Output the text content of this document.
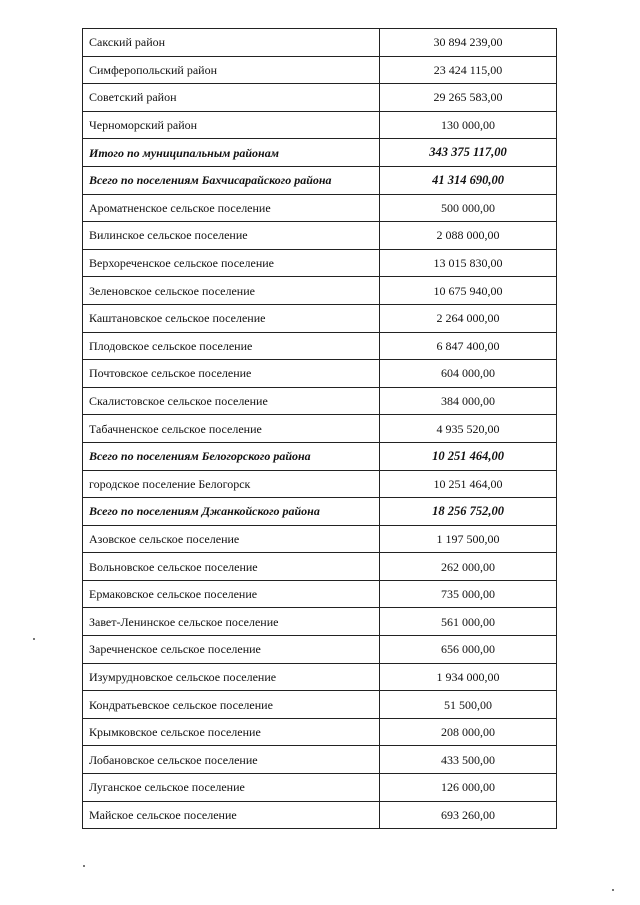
Сакский район	30 894 239,00
Симферопольский район	23 424 115,00
Советский район	29 265 583,00
Черноморский район	130 000,00
Итого по муниципальным районам	343 375 117,00
Всего по поселениям Бахчисарайского района	41 314 690,00
Ароматненское сельское поселение	500 000,00
Вилинское сельское поселение	2 088 000,00
Верхореченское сельское поселение	13 015 830,00
Зеленовское сельское поселение	10 675 940,00
Каштановское сельское поселение	2 264 000,00
Плодовское сельское поселение	6 847 400,00
Почтовское сельское поселение	604 000,00
Скалистовское сельское поселение	384 000,00
Табачненское сельское поселение	4 935 520,00
Всего по поселениям Белогорского района	10 251 464,00
городское поселение Белогорск	10 251 464,00
Всего по поселениям Джанкойского района	18 256 752,00
Азовское сельское поселение	1 197 500,00
Вольновское сельское поселение	262 000,00
Ермаковское сельское поселение	735 000,00
Завет-Ленинское сельское поселение	561 000,00
Заречненское сельское поселение	656 000,00
Изумрудновское сельское поселение	1 934 000,00
Кондратьевское сельское поселение	51 500,00
Крымковское сельское поселение	208 000,00
Лобановское сельское поселение	433 500,00
Луганское сельское поселение	126 000,00
Майское сельское поселение	693 260,00
